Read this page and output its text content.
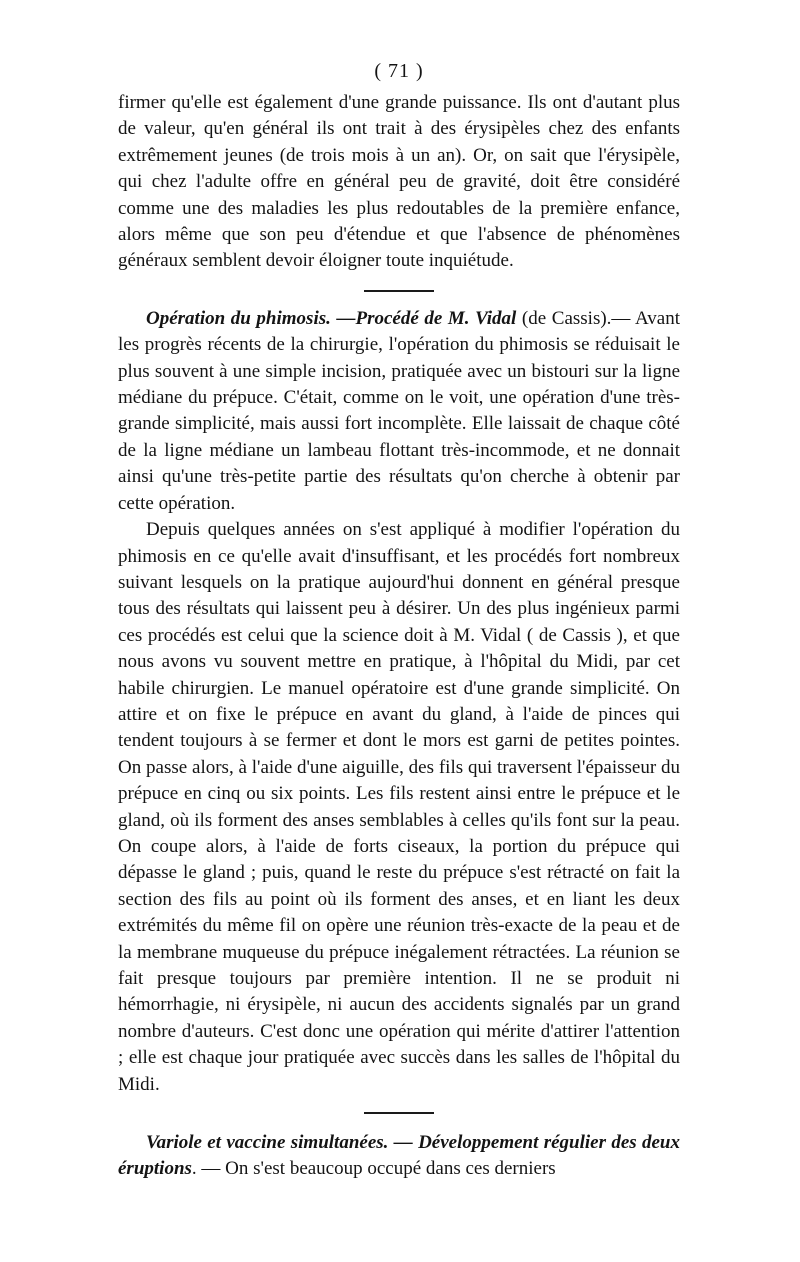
( 71 )

firmer qu'elle est également d'une grande puissance. Ils ont d'autant plus de valeur, qu'en général ils ont trait à des érysipèles chez des enfants extrêmement jeunes (de trois mois à un an). Or, on sait que l'érysipèle, qui chez l'adulte offre en général peu de gravité, doit être considéré comme une des maladies les plus redoutables de la première enfance, alors même que son peu d'étendue et que l'absence de phénomènes généraux semblent devoir éloigner toute inquiétude.

Opération du phimosis. —Procédé de M. Vidal (de Cassis).— Avant les progrès récents de la chirurgie, l'opération du phimosis se réduisait le plus souvent à une simple incision, pratiquée avec un bistouri sur la ligne médiane du prépuce. C'était, comme on le voit, une opération d'une très-grande simplicité, mais aussi fort incomplète. Elle laissait de chaque côté de la ligne médiane un lambeau flottant très-incommode, et ne donnait ainsi qu'une très-petite partie des résultats qu'on cherche à obtenir par cette opération.

Depuis quelques années on s'est appliqué à modifier l'opération du phimosis en ce qu'elle avait d'insuffisant, et les procédés fort nombreux suivant lesquels on la pratique aujourd'hui donnent en général presque tous des résultats qui laissent peu à désirer. Un des plus ingénieux parmi ces procédés est celui que la science doit à M. Vidal ( de Cassis ), et que nous avons vu souvent mettre en pratique, à l'hôpital du Midi, par cet habile chirurgien. Le manuel opératoire est d'une grande simplicité. On attire et on fixe le prépuce en avant du gland, à l'aide de pinces qui tendent toujours à se fermer et dont le mors est garni de petites pointes. On passe alors, à l'aide d'une aiguille, des fils qui traversent l'épaisseur du prépuce en cinq ou six points. Les fils restent ainsi entre le prépuce et le gland, où ils forment des anses semblables à celles qu'ils font sur la peau. On coupe alors, à l'aide de forts ciseaux, la portion du prépuce qui dépasse le gland ; puis, quand le reste du prépuce s'est rétracté on fait la section des fils au point où ils forment des anses, et en liant les deux extrémités du même fil on opère une réunion très-exacte de la peau et de la membrane muqueuse du prépuce inégalement rétractées. La réunion se fait presque toujours par première intention. Il ne se produit ni hémorrhagie, ni érysipèle, ni aucun des accidents signalés par un grand nombre d'auteurs. C'est donc une opération qui mérite d'attirer l'attention ; elle est chaque jour pratiquée avec succès dans les salles de l'hôpital du Midi.

Variole et vaccine simultanées. — Développement régulier des deux éruptions. — On s'est beaucoup occupé dans ces derniers
